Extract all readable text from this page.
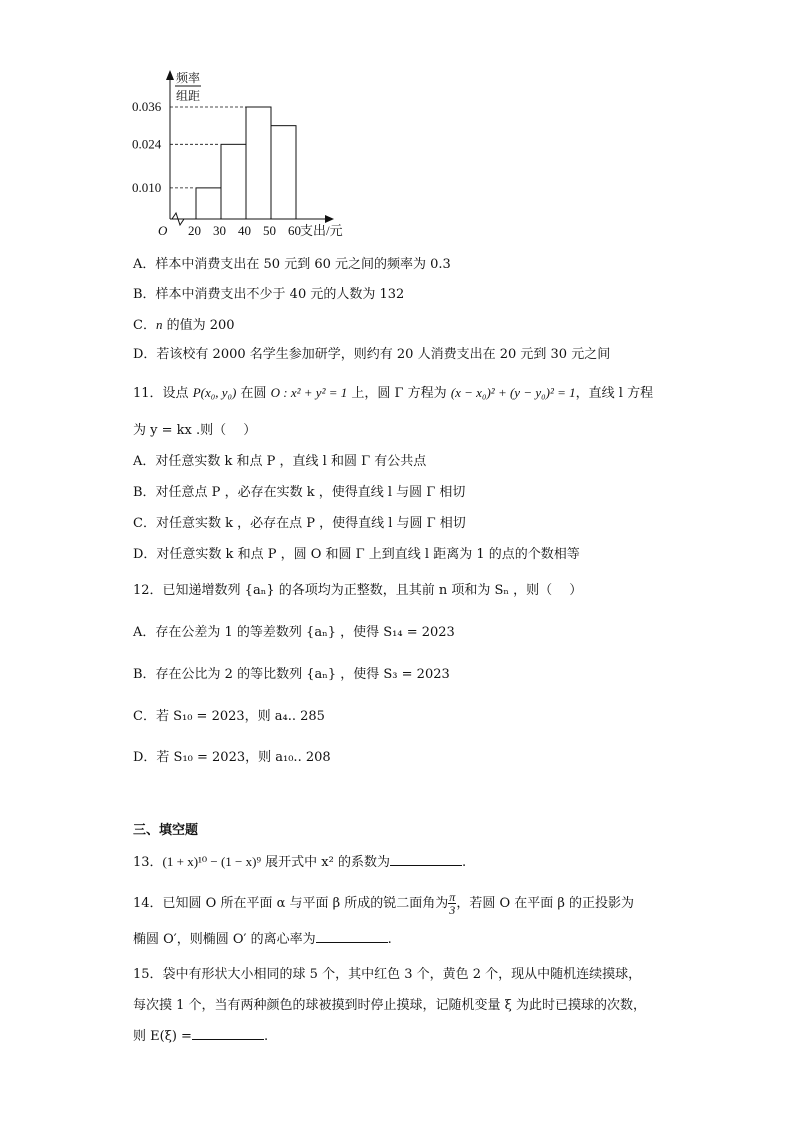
频率
组距
O
0.036
0.024
0.010
20 30 40 50 60 支出/元
A．样本中消费支出在 50 元到 60 元之间的频率为 0.3
B．样本中消费支出不少于 40 元的人数为 132
C．n 的值为 200
D．若该校有 2000 名学生参加研学，则约有 20 人消费支出在 20 元到 30 元之间
11．设点 P(x₀, y₀) 在圆 O : x² + y² = 1 上，圆 Γ 方程为 (x − x₀)² + (y − y₀)² = 1，直线 l 方程
为 y = kx .则（　 ）
A．对任意实数 k 和点 P ，直线 l 和圆 Γ 有公共点
B．对任意点 P ，必存在实数 k ，使得直线 l 与圆 Γ 相切
C．对任意实数 k ，必存在点 P ，使得直线 l 与圆 Γ 相切
D．对任意实数 k 和点 P ，圆 O 和圆 Γ 上到直线 l 距离为 1 的点的个数相等
12．已知递增数列 {aₙ} 的各项均为正整数，且其前 n 项和为 Sₙ ，则（　 ）
A．存在公差为 1 的等差数列 {aₙ} ，使得 S₁₄ = 2023
B．存在公比为 2 的等比数列 {aₙ} ，使得 S₃ = 2023
C．若 S₁₀ = 2023，则 a₄.. 285
D．若 S₁₀ = 2023，则 a₁₀.. 208
三、填空题
13．(1 + x)¹⁰ − (1 − x)⁹ 展开式中 x² 的系数为	.
14．已知圆 O 所在平面 α 与平面 β 所成的锐二面角为 $\frac{\pi}{3}$ ，若圆 O 在平面 β 的正投影为
椭圆 O′，则椭圆 O′ 的离心率为	.
15．袋中有形状大小相同的球 5 个，其中红色 3 个，黄色 2 个，现从中随机连续摸球，
每次摸 1 个，当有两种颜色的球被摸到时停止摸球，记随机变量 ξ 为此时已摸球的次数，
则 E(ξ) =	.
